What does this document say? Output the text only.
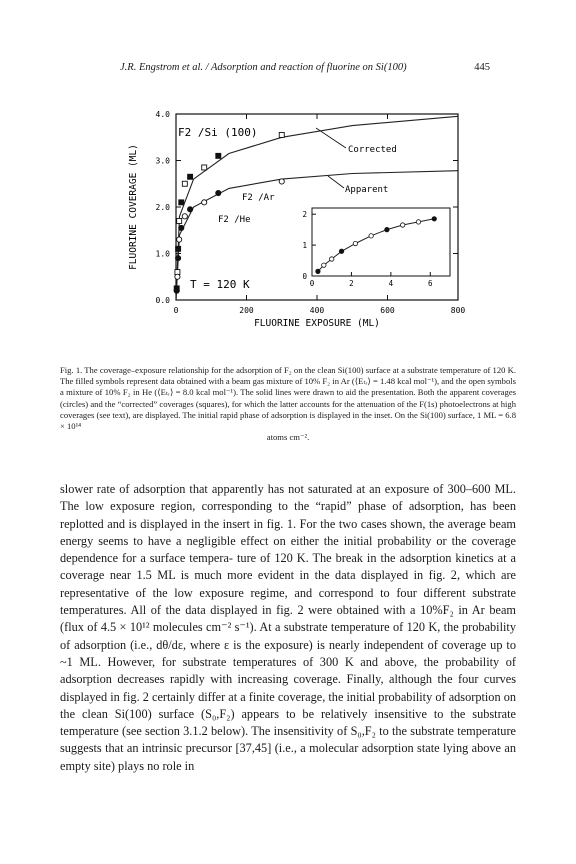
J.R. Engstrom et al. / Adsorption and reaction of fluorine on Si(100)	445
0	200	400	600	800
0.0
1.0
2.0
3.0
4.0
FLUORINE EXPOSURE (ML)
FLUORINE COVERAGE (ML)
0	2	4	6
0
1
2
F2 /Si (100)
Corrected
Apparent
F2 /Ar
F2 /He
T = 120 K
Fig. 1. The coverage–exposure relationship for the adsorption of F₂ on the clean Si(100) surface at a substrate temperature of 120 K. The filled symbols represent data obtained with a beam gas mixture of 10% F₂ in Ar (⟨Eₜᵣ⟩ = 1.48 kcal mol⁻¹), and the open symbols a mixture of 10% F₂ in He (⟨Eₜᵣ⟩ = 8.0 kcal mol⁻¹). The solid lines were drawn to aid the presentation. Both the apparent coverages (circles) and the “corrected” coverages (squares), for which the latter accounts for the attenuation of the F(1s) photoelectrons at high coverages (see text), are displayed. The initial rapid phase of adsorption is displayed in the inset. On the Si(100) surface, 1 ML = 6.8 × 10¹⁴
atoms cm⁻².
slower rate of adsorption that apparently has not saturated at an exposure of 300–600 ML. The low exposure region, corresponding to the “rapid” phase of adsorption, has been replotted and is displayed in the insert in fig. 1. For the two cases shown, the average beam energy seems to have a negligible effect on either the initial probability or the coverage dependence for a surface tempera- ture of 120 K. The break in the adsorption kinetics at a coverage near 1.5 ML is much more evident in the data displayed in fig. 2, which are representative of the low exposure regime, and correspond to four different substrate temperatures. All of the data displayed in fig. 2 were obtained with a 10%F₂ in Ar beam (flux of 4.5 × 10¹² molecules cm⁻² s⁻¹). At a substrate temperature of 120 K, the probability of adsorption (i.e., dθ/dε, where ε is the exposure) is nearly independent of coverage up to ~1 ML. However, for substrate temperatures of 300 K and above, the probability of adsorption decreases rapidly with increasing coverage. Finally, although the four curves displayed in fig. 2 certainly differ at a finite coverage, the initial probability of adsorption on the clean Si(100) surface (S₀,F₂) appears to be relatively insensitive to the substrate temperature (see section 3.1.2 below). The insensitivity of S₀,F₂ to the substrate temperature suggests that an intrinsic precursor [37,45] (i.e., a molecular adsorption state lying above an empty site) plays no role in
